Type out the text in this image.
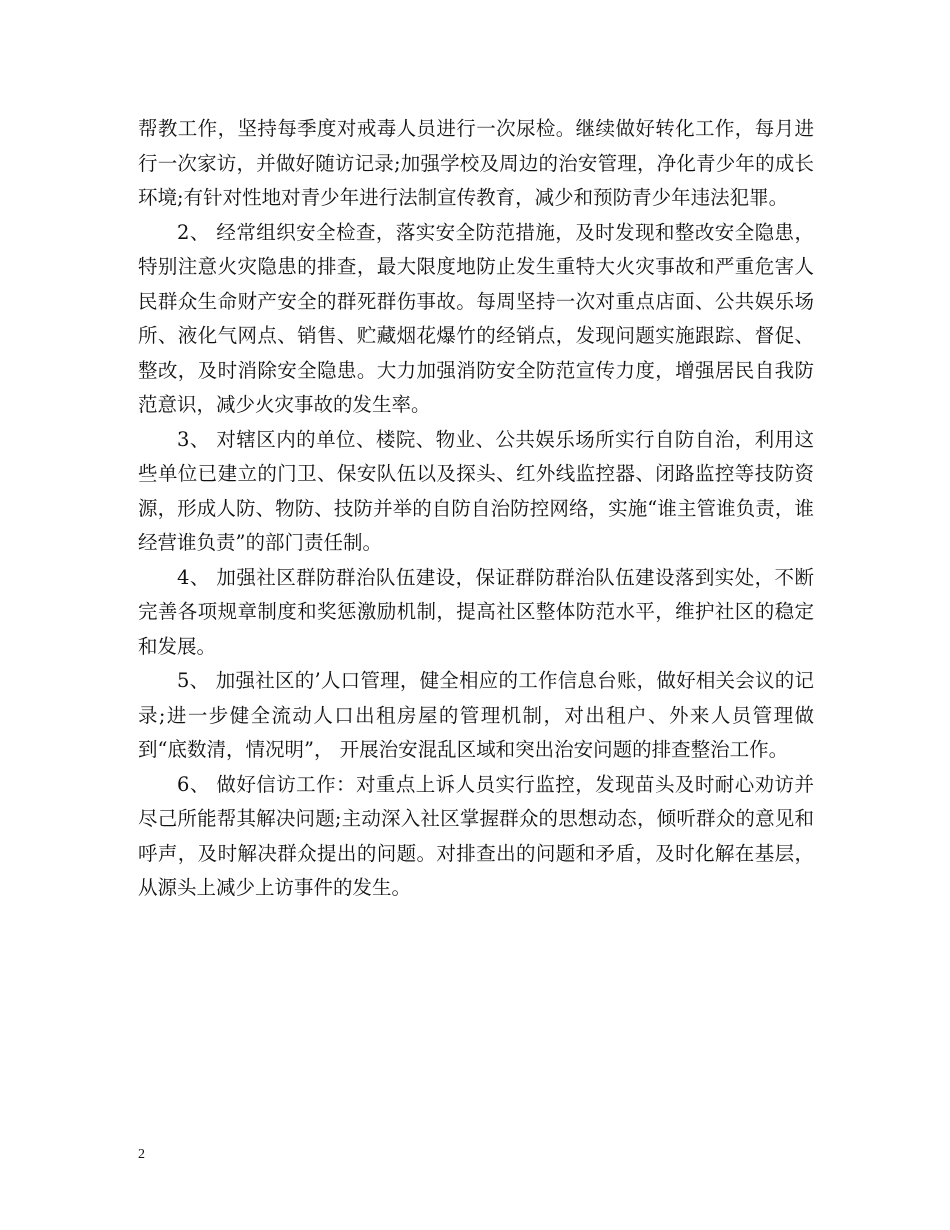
帮教工作，坚持每季度对戒毒人员进行一次尿检。继续做好转化工作，每月进行一次家访，并做好随访记录;加强学校及周边的治安管理，净化青少年的成长环境;有针对性地对青少年进行法制宣传教育，减少和预防青少年违法犯罪。

2、 经常组织安全检查，落实安全防范措施，及时发现和整改安全隐患，特别注意火灾隐患的排查，最大限度地防止发生重特大火灾事故和严重危害人民群众生命财产安全的群死群伤事故。每周坚持一次对重点店面、公共娱乐场所、液化气网点、销售、贮藏烟花爆竹的经销点，发现问题实施跟踪、督促、整改，及时消除安全隐患。大力加强消防安全防范宣传力度，增强居民自我防范意识，减少火灾事故的发生率。

3、 对辖区内的单位、楼院、物业、公共娱乐场所实行自防自治，利用这些单位已建立的门卫、保安队伍以及探头、红外线监控器、闭路监控等技防资源，形成人防、物防、技防并举的自防自治防控网络，实施“谁主管谁负责，谁经营谁负责”的部门责任制。

4、 加强社区群防群治队伍建设，保证群防群治队伍建设落到实处，不断完善各项规章制度和奖惩激励机制，提高社区整体防范水平，维护社区的稳定和发展。

5、 加强社区的’人口管理，健全相应的工作信息台账，做好相关会议的记录;进一步健全流动人口出租房屋的管理机制，对出租户、外来人员管理做到“底数清，情况明”， 开展治安混乱区域和突出治安问题的排查整治工作。

6、 做好信访工作：对重点上诉人员实行监控，发现苗头及时耐心劝访并尽己所能帮其解决问题;主动深入社区掌握群众的思想动态，倾听群众的意见和呼声，及时解决群众提出的问题。对排查出的问题和矛盾，及时化解在基层，从源头上减少上访事件的发生。

2
